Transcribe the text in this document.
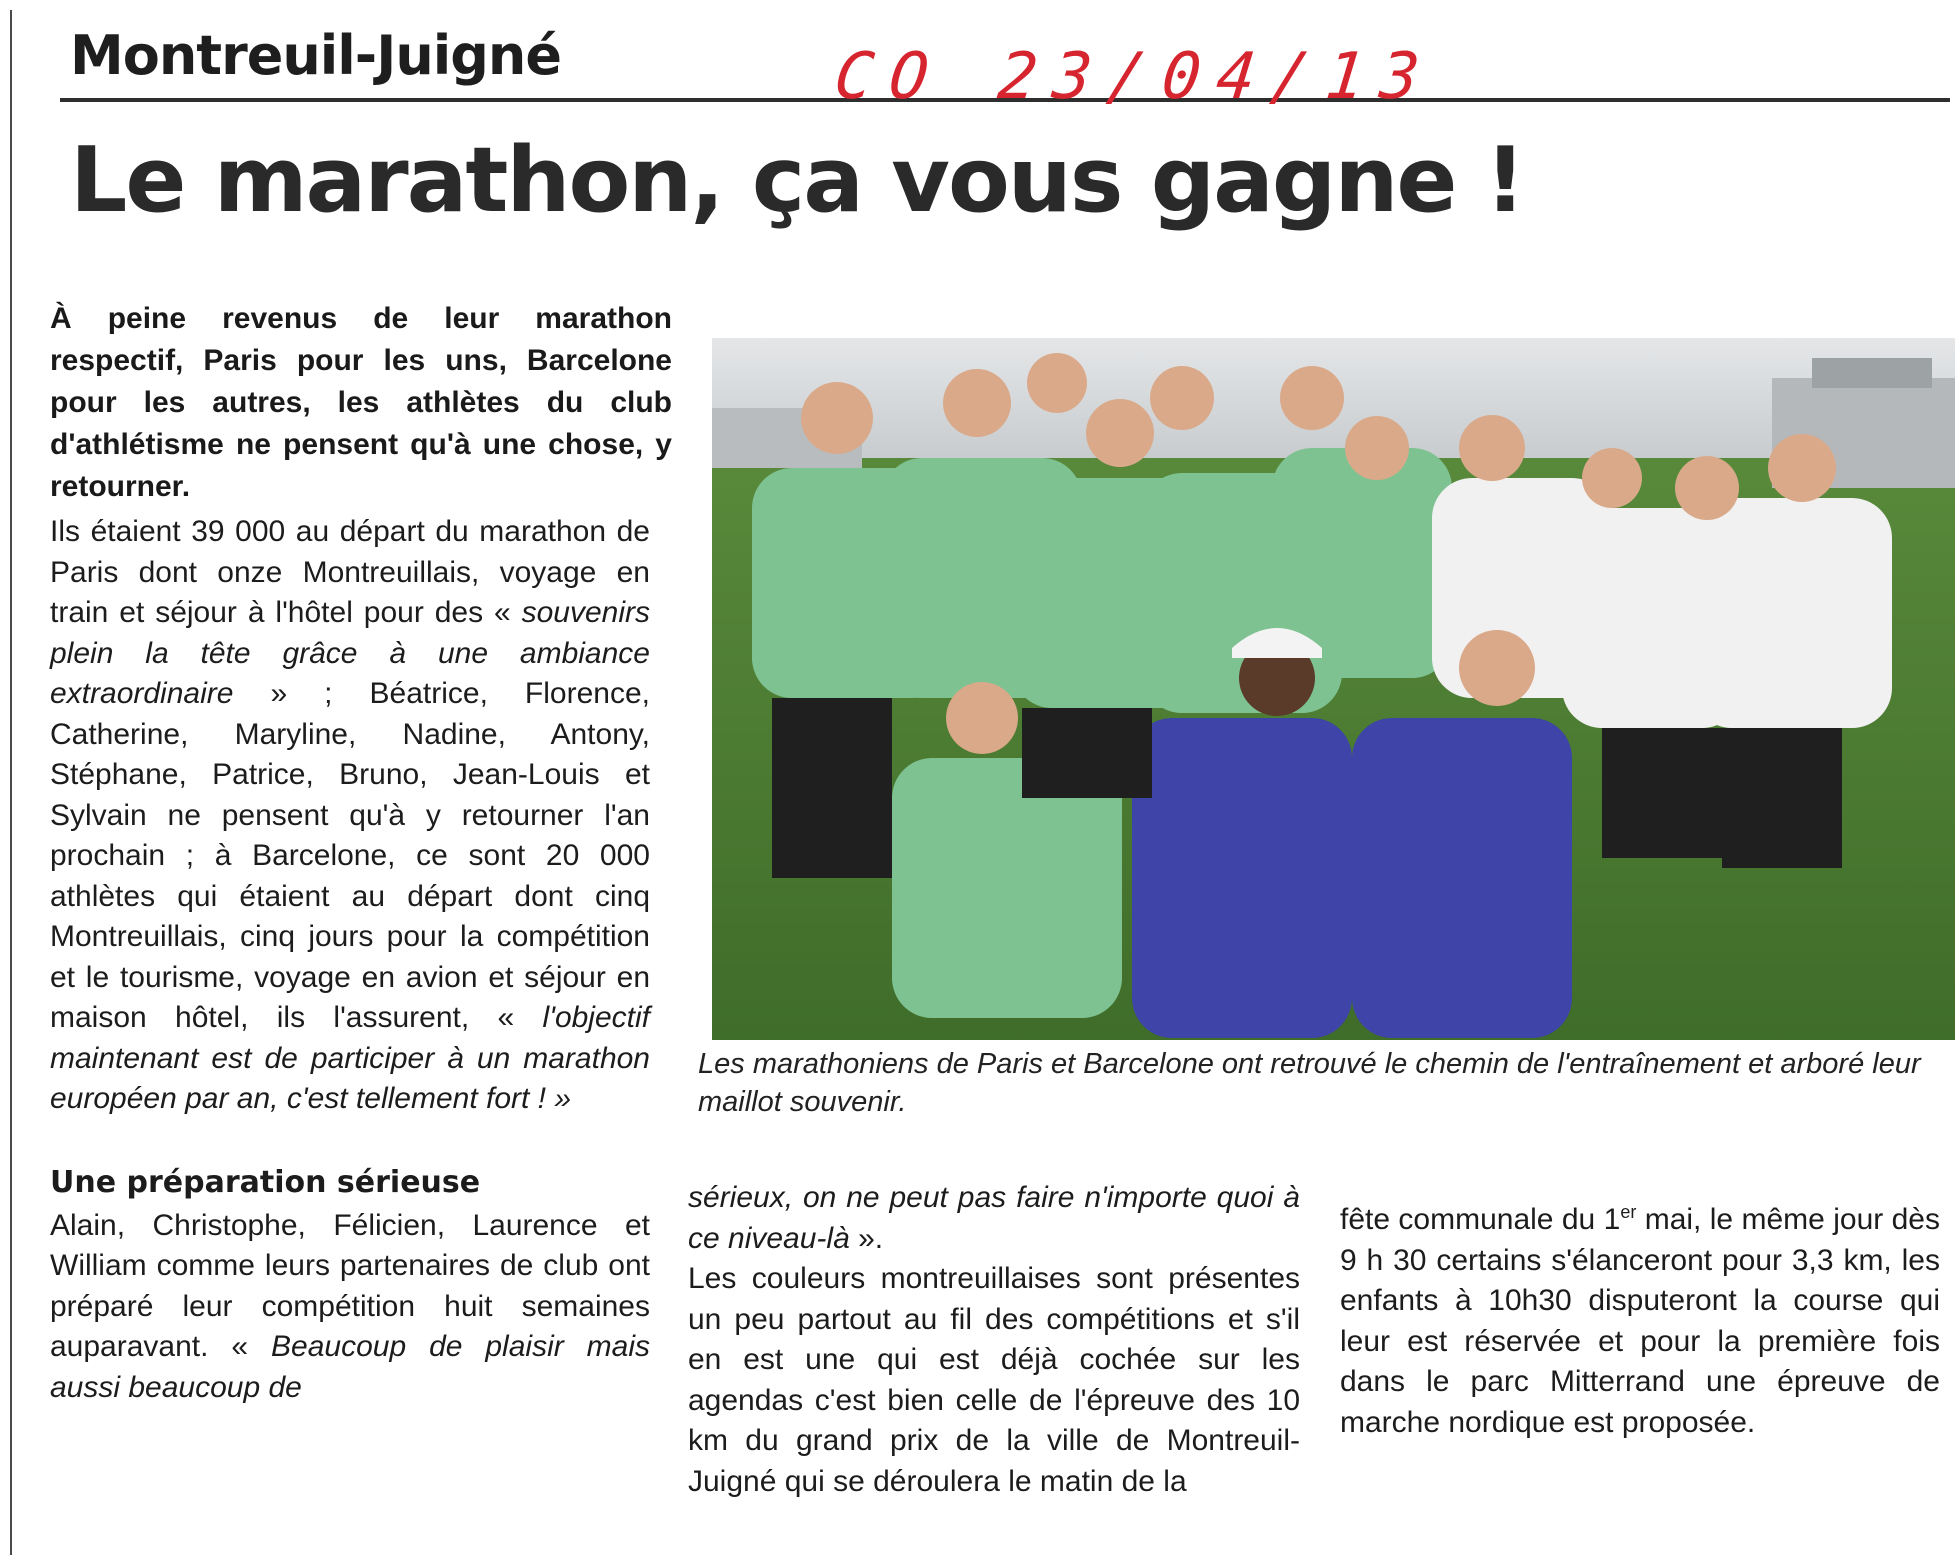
Montreuil-Juigné	CO 23/04/13
Le marathon, ça vous gagne !

À peine revenus de leur marathon respectif, Paris pour les uns, Barcelone pour les autres, les athlètes du club d'athlétisme ne pensent qu'à une chose, y retourner.

Ils étaient 39 000 au départ du marathon de Paris dont onze Montreuillais, voyage en train et séjour à l'hôtel pour des « souvenirs plein la tête grâce à une ambiance extraordinaire » ; Béatrice, Florence, Catherine, Maryline, Nadine, Antony, Stéphane, Patrice, Bruno, Jean-Louis et Sylvain ne pensent qu'à y retourner l'an prochain ; à Barcelone, ce sont 20 000 athlètes qui étaient au départ dont cinq Montreuillais, cinq jours pour la compétition et le tourisme, voyage en avion et séjour en maison hôtel, ils l'assurent, « l'objectif maintenant est de participer à un marathon européen par an, c'est tellement fort ! »

Une préparation sérieuse

Alain, Christophe, Félicien, Laurence et William comme leurs partenaires de club ont préparé leur compétition huit semaines auparavant. « Beaucoup de plaisir mais aussi beaucoup de

Les marathoniens de Paris et Barcelone ont retrouvé le chemin de l'entraînement et arboré leur maillot souvenir.

sérieux, on ne peut pas faire n'importe quoi à ce niveau-là ».

Les couleurs montreuillaises sont présentes un peu partout au fil des compétitions et s'il en est une qui est déjà cochée sur les agendas c'est bien celle de l'épreuve des 10 km du grand prix de la ville de Montreuil-Juigné qui se déroulera le matin de la

fête communale du 1er mai, le même jour dès 9 h 30 certains s'élanceront pour 3,3 km, les enfants à 10h30 disputeront la course qui leur est réservée et pour la première fois dans le parc Mitterrand une épreuve de marche nordique est proposée.
